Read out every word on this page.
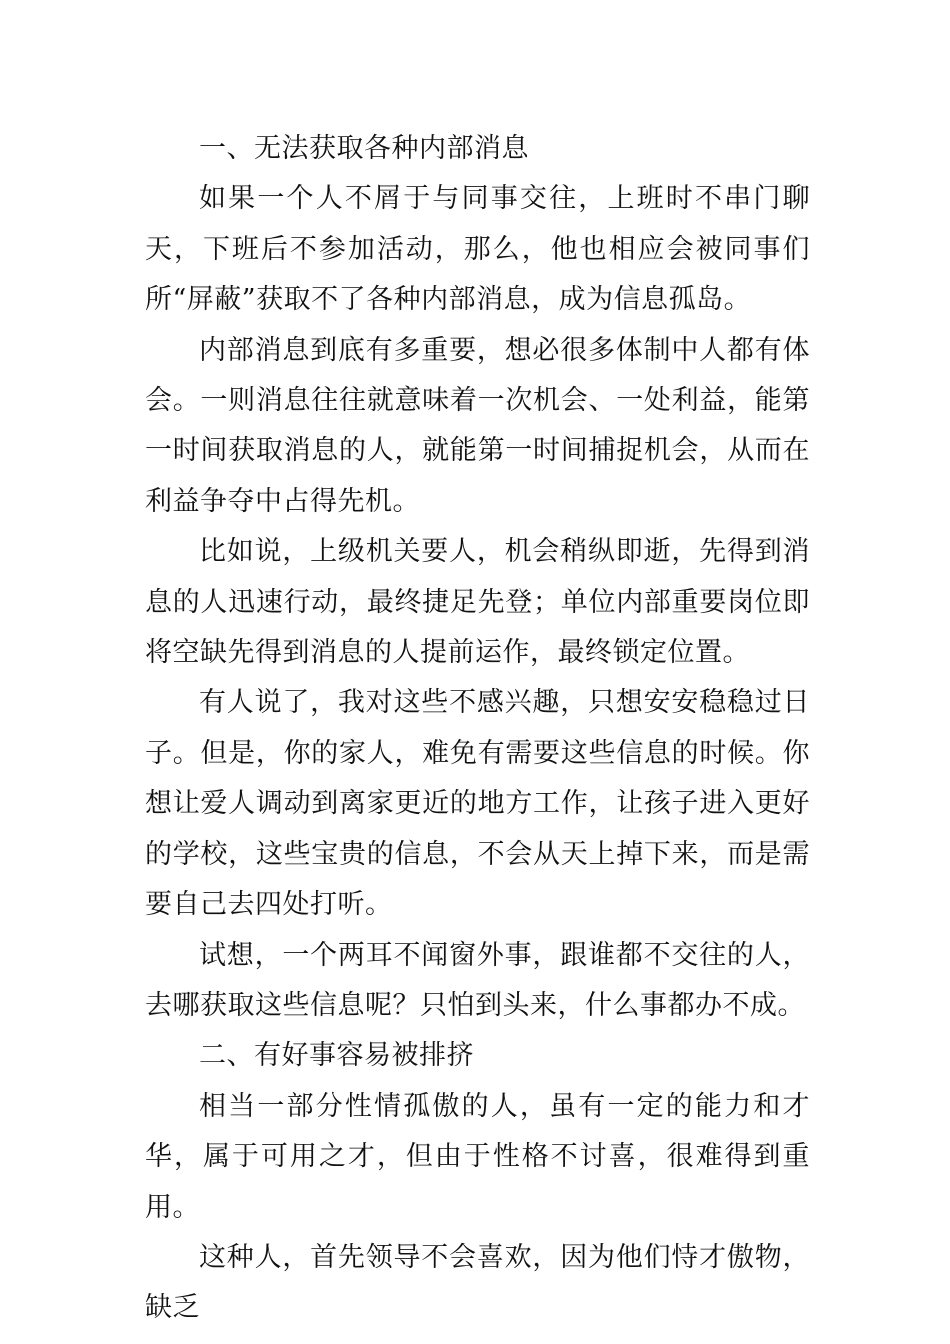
一、无法获取各种内部消息

如果一个人不屑于与同事交往，上班时不串门聊天，下班后不参加活动，那么，他也相应会被同事们所“屏蔽”获取不了各种内部消息，成为信息孤岛。

内部消息到底有多重要，想必很多体制中人都有体会。一则消息往往就意味着一次机会、一处利益，能第一时间获取消息的人，就能第一时间捕捉机会，从而在利益争夺中占得先机。

比如说，上级机关要人，机会稍纵即逝，先得到消息的人迅速行动，最终捷足先登；单位内部重要岗位即将空缺先得到消息的人提前运作，最终锁定位置。

有人说了，我对这些不感兴趣，只想安安稳稳过日子。但是，你的家人，难免有需要这些信息的时候。你想让爱人调动到离家更近的地方工作，让孩子进入更好的学校，这些宝贵的信息，不会从天上掉下来，而是需要自己去四处打听。

试想，一个两耳不闻窗外事，跟谁都不交往的人，去哪获取这些信息呢？只怕到头来，什么事都办不成。

二、有好事容易被排挤

相当一部分性情孤傲的人，虽有一定的能力和才华，属于可用之才，但由于性格不讨喜，很难得到重用。

这种人，首先领导不会喜欢，因为他们恃才傲物，缺乏
